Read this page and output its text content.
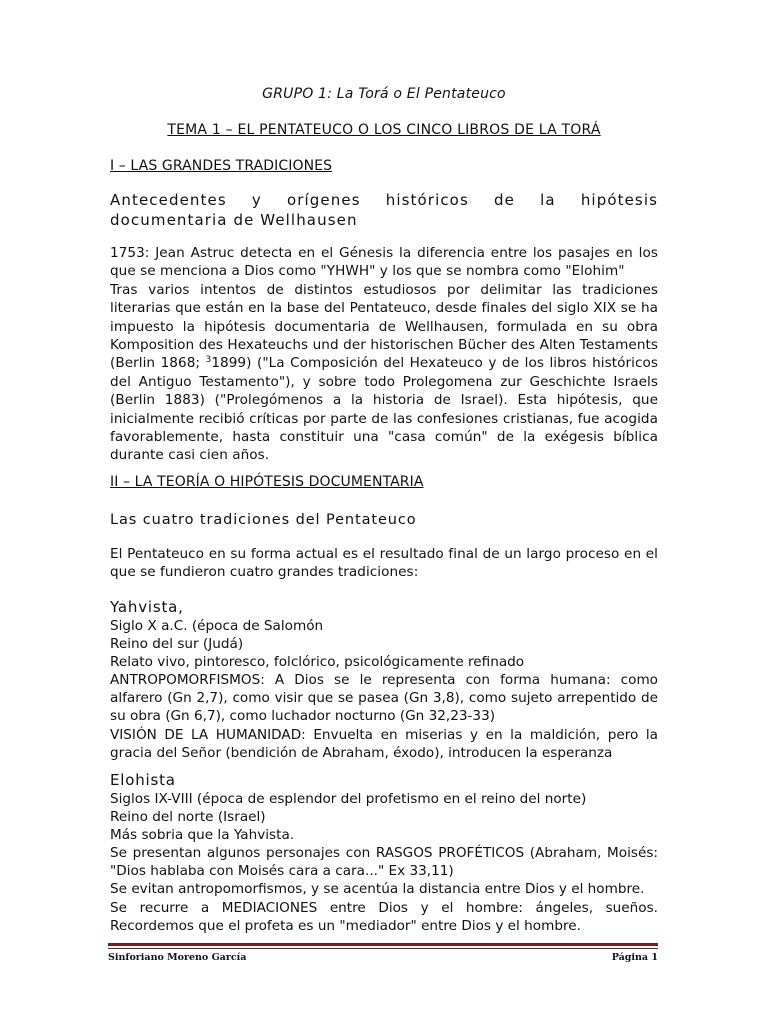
GRUPO 1: La Torá o El Pentateuco
TEMA 1 – EL PENTATEUCO O LOS CINCO LIBROS DE LA TORÁ
I – LAS GRANDES TRADICIONES
Antecedentes y orígenes históricos de la hipótesis documentaria de Wellhausen
1753: Jean Astruc detecta en el Génesis la diferencia entre los pasajes en los
que se menciona a Dios como "YHWH" y los que se nombra como "Elohim"
Tras varios intentos de distintos estudiosos por delimitar las tradiciones
literarias que están en la base del Pentateuco, desde finales del siglo XIX se ha
impuesto la hipótesis documentaria de Wellhausen, formulada en su obra
Komposition des Hexateuchs und der historischen Bücher des Alten Testaments
(Berlin 1868; $^3$1899) ("La Composición del Hexateuco y de los libros históricos
del Antiguo Testamento"), y sobre todo Prolegomena zur Geschichte Israels
(Berlin 1883) ("Prolegómenos a la historia de Israel). Esta hipótesis, que
inicialmente recibió críticas por parte de las confesiones cristianas, fue acogida
favorablemente, hasta constituir una "casa común" de la exégesis bíblica
durante casi cien años.
II – LA TEORÍA O HIPÓTESIS DOCUMENTARIA
Las cuatro tradiciones del Pentateuco
El Pentateuco en su forma actual es el resultado final de un largo proceso en el
que se fundieron cuatro grandes tradiciones:
Yahvista,
Siglo X a.C. (época de Salomón
Reino del sur (Judá)
Relato vivo, pintoresco, folclórico, psicológicamente refinado
ANTROPOMORFISMOS: A Dios se le representa con forma humana: como
alfarero (Gn 2,7), como visir que se pasea (Gn 3,8), como sujeto arrepentido de
su obra (Gn 6,7), como luchador nocturno (Gn 32,23-33)
VISIÓN DE LA HUMANIDAD: Envuelta en miserias y en la maldición, pero la
gracia del Señor (bendición de Abraham, éxodo), introducen la esperanza
Elohista
Siglos IX-VIII (época de esplendor del profetismo en el reino del norte)
Reino del norte (Israel)
Más sobria que la Yahvista.
Se presentan algunos personajes con RASGOS PROFÉTICOS (Abraham, Moisés:
"Dios hablaba con Moisés cara a cara..." Ex 33,11)
Se evitan antropomorfismos, y se acentúa la distancia entre Dios y el hombre.
Se recurre a MEDIACIONES entre Dios y el hombre: ángeles, sueños.
Recordemos que el profeta es un "mediador" entre Dios y el hombre.
Sinforiano Moreno García	Página 1
